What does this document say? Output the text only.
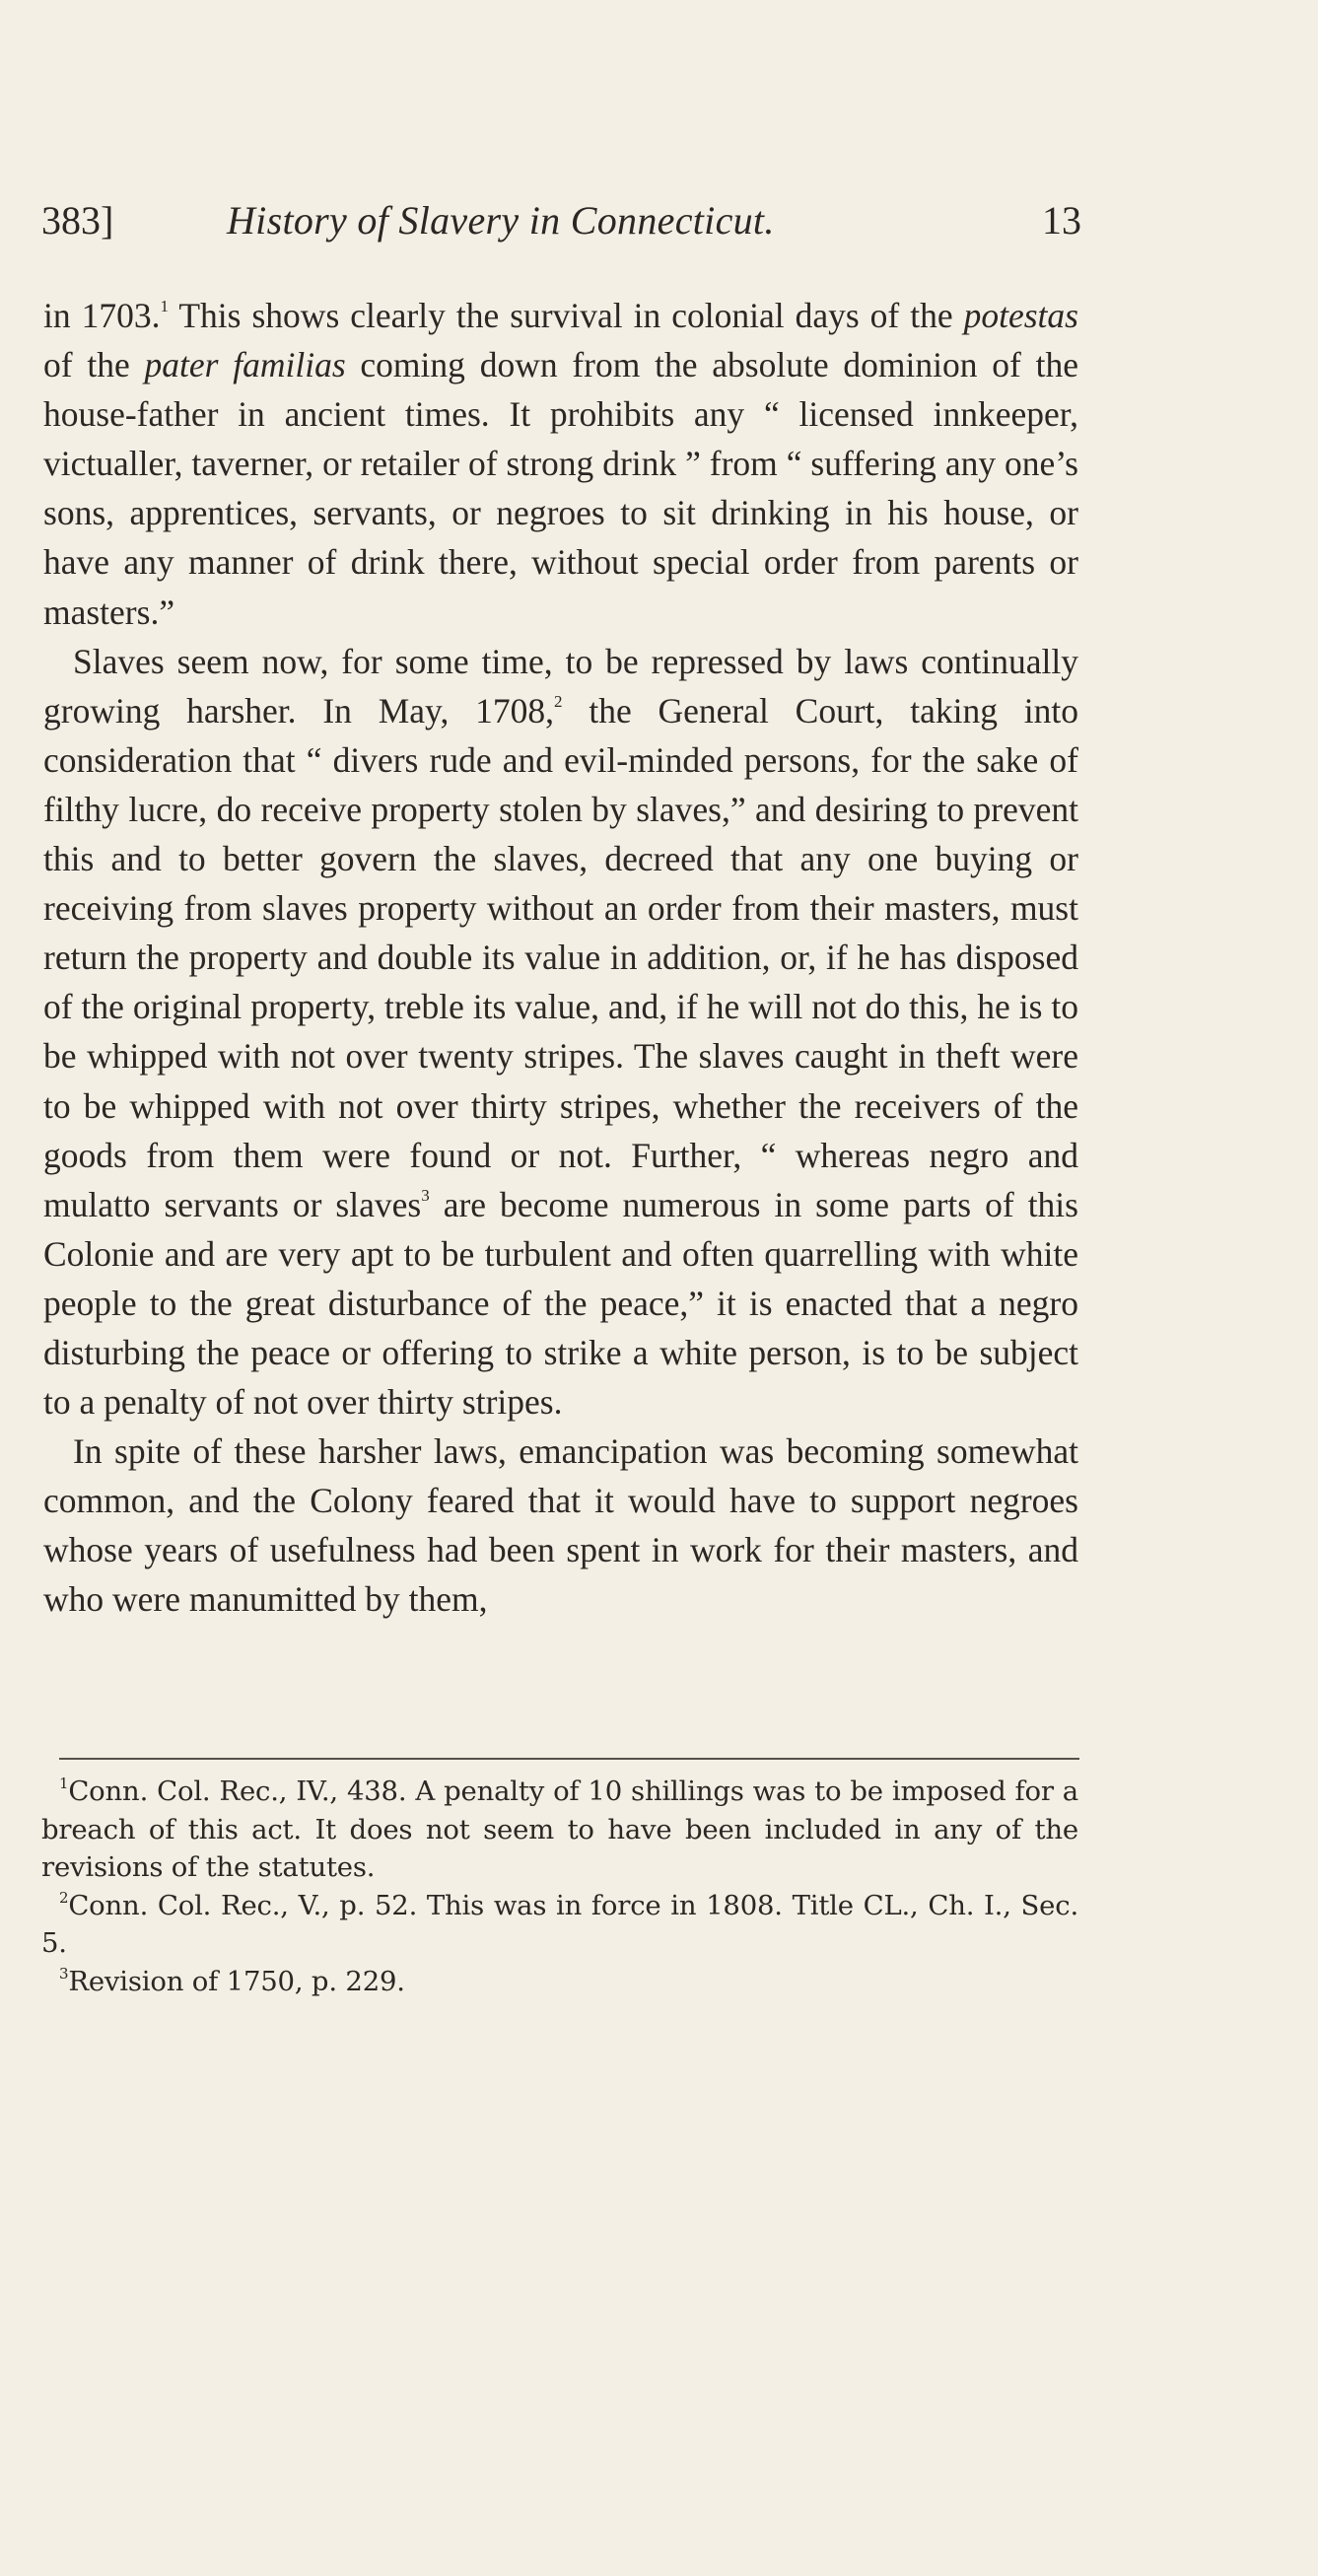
383]	History of Slavery in Connecticut.	13

in 1703.$^1$ This shows clearly the survival in colonial days of the potestas of the pater familias coming down from the absolute dominion of the house-father in ancient times. It prohibits any “ licensed innkeeper, victualler, taverner, or retailer of strong drink ” from “ suffering any one’s sons, apprentices, servants, or negroes to sit drinking in his house, or have any manner of drink there, without special order from parents or masters.”

Slaves seem now, for some time, to be repressed by laws continually growing harsher. In May, 1708,$^2$ the General Court, taking into consideration that “ divers rude and evil-minded persons, for the sake of filthy lucre, do receive property stolen by slaves,” and desiring to prevent this and to better govern the slaves, decreed that any one buying or receiving from slaves property without an order from their masters, must return the property and double its value in addition, or, if he has disposed of the original property, treble its value, and, if he will not do this, he is to be whipped with not over twenty stripes. The slaves caught in theft were to be whipped with not over thirty stripes, whether the receivers of the goods from them were found or not. Further, “ whereas negro and mulatto servants or slaves$^3$ are become numerous in some parts of this Colonie and are very apt to be turbulent and often quarrelling with white people to the great disturbance of the peace,” it is enacted that a negro disturbing the peace or offering to strike a white person, is to be subject to a penalty of not over thirty stripes.

In spite of these harsher laws, emancipation was becoming somewhat common, and the Colony feared that it would have to support negroes whose years of usefulness had been spent in work for their masters, and who were manumitted by them,

$^1$Conn. Col. Rec., IV., 438. A penalty of 10 shillings was to be imposed for a breach of this act. It does not seem to have been included in any of the revisions of the statutes.

$^2$Conn. Col. Rec., V., p. 52. This was in force in 1808. Title CL., Ch. I., Sec. 5.

$^3$Revision of 1750, p. 229.
